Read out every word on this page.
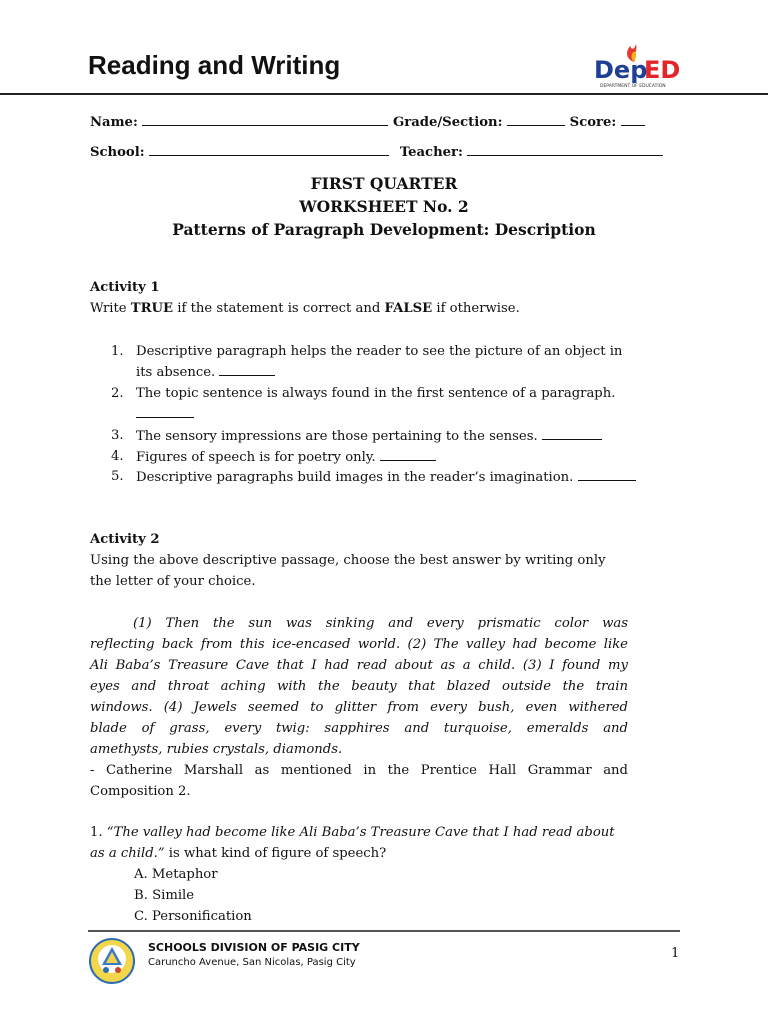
Reading and Writing	Dep
ED
DEPARTMENT OF EDUCATION
Name:	Grade/Section:	Score:
School:	Teacher:
FIRST QUARTER
WORKSHEET No. 2
Patterns of Paragraph Development: Description
Activity 1
Write TRUE if the statement is correct and FALSE if otherwise.
1. Descriptive paragraph helps the reader to see the picture of an object in
its absence.
2. The topic sentence is always found in the first sentence of a paragraph.
3. The sensory impressions are those pertaining to the senses.
4. Figures of speech is for poetry only.
5. Descriptive paragraphs build images in the reader’s imagination.
Activity 2
Using the above descriptive passage, choose the best answer by writing only
the letter of your choice.
(1) Then the sun was sinking and every prismatic color was
reflecting back from this ice-encased world. (2) The valley had become like
Ali Baba’s Treasure Cave that I had read about as a child. (3) I found my
eyes and throat aching with the beauty that blazed outside the train
windows. (4) Jewels seemed to glitter from every bush, even withered
blade of grass, every twig: sapphires and turquoise, emeralds and
amethysts, rubies crystals, diamonds.
- Catherine Marshall as mentioned in the Prentice Hall Grammar and
Composition 2.
1. “The valley had become like Ali Baba’s Treasure Cave that I had read about
as a child.” is what kind of figure of speech?
A. Metaphor
B. Simile
C. Personification
SCHOOLS DIVISION OF PASIG CITY
Caruncho Avenue, San Nicolas, Pasig City
1
